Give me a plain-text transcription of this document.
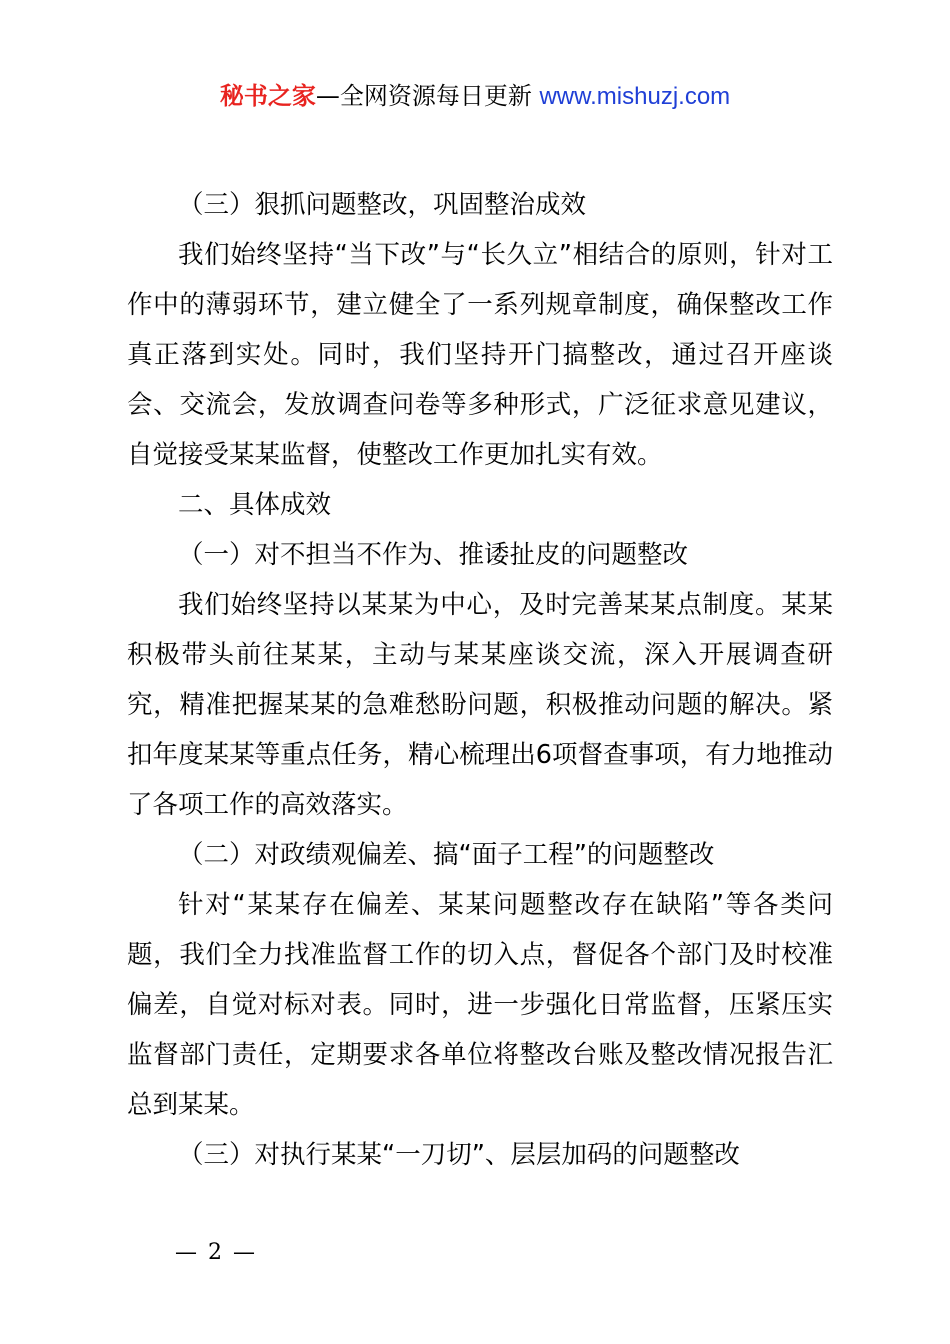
秘书之家—全网资源每日更新 www.mishuzj.com

（三）狠抓问题整改，巩固整治成效

我们始终坚持“当下改”与“长久立”相结合的原则，针对工作中的薄弱环节，建立健全了一系列规章制度，确保整改工作真正落到实处。同时，我们坚持开门搞整改，通过召开座谈会、交流会，发放调查问卷等多种形式，广泛征求意见建议，自觉接受某某监督，使整改工作更加扎实有效。

二、具体成效

（一）对不担当不作为、推诿扯皮的问题整改

我们始终坚持以某某为中心，及时完善某某点制度。某某积极带头前往某某，主动与某某座谈交流，深入开展调查研究，精准把握某某的急难愁盼问题，积极推动问题的解决。紧扣年度某某等重点任务，精心梳理出6项督查事项，有力地推动了各项工作的高效落实。

（二）对政绩观偏差、搞“面子工程”的问题整改

针对“某某存在偏差、某某问题整改存在缺陷”等各类问题，我们全力找准监督工作的切入点，督促各个部门及时校准偏差，自觉对标对表。同时，进一步强化日常监督，压紧压实监督部门责任，定期要求各单位将整改台账及整改情况报告汇总到某某。

（三）对执行某某“一刀切”、层层加码的问题整改

— 2 —
